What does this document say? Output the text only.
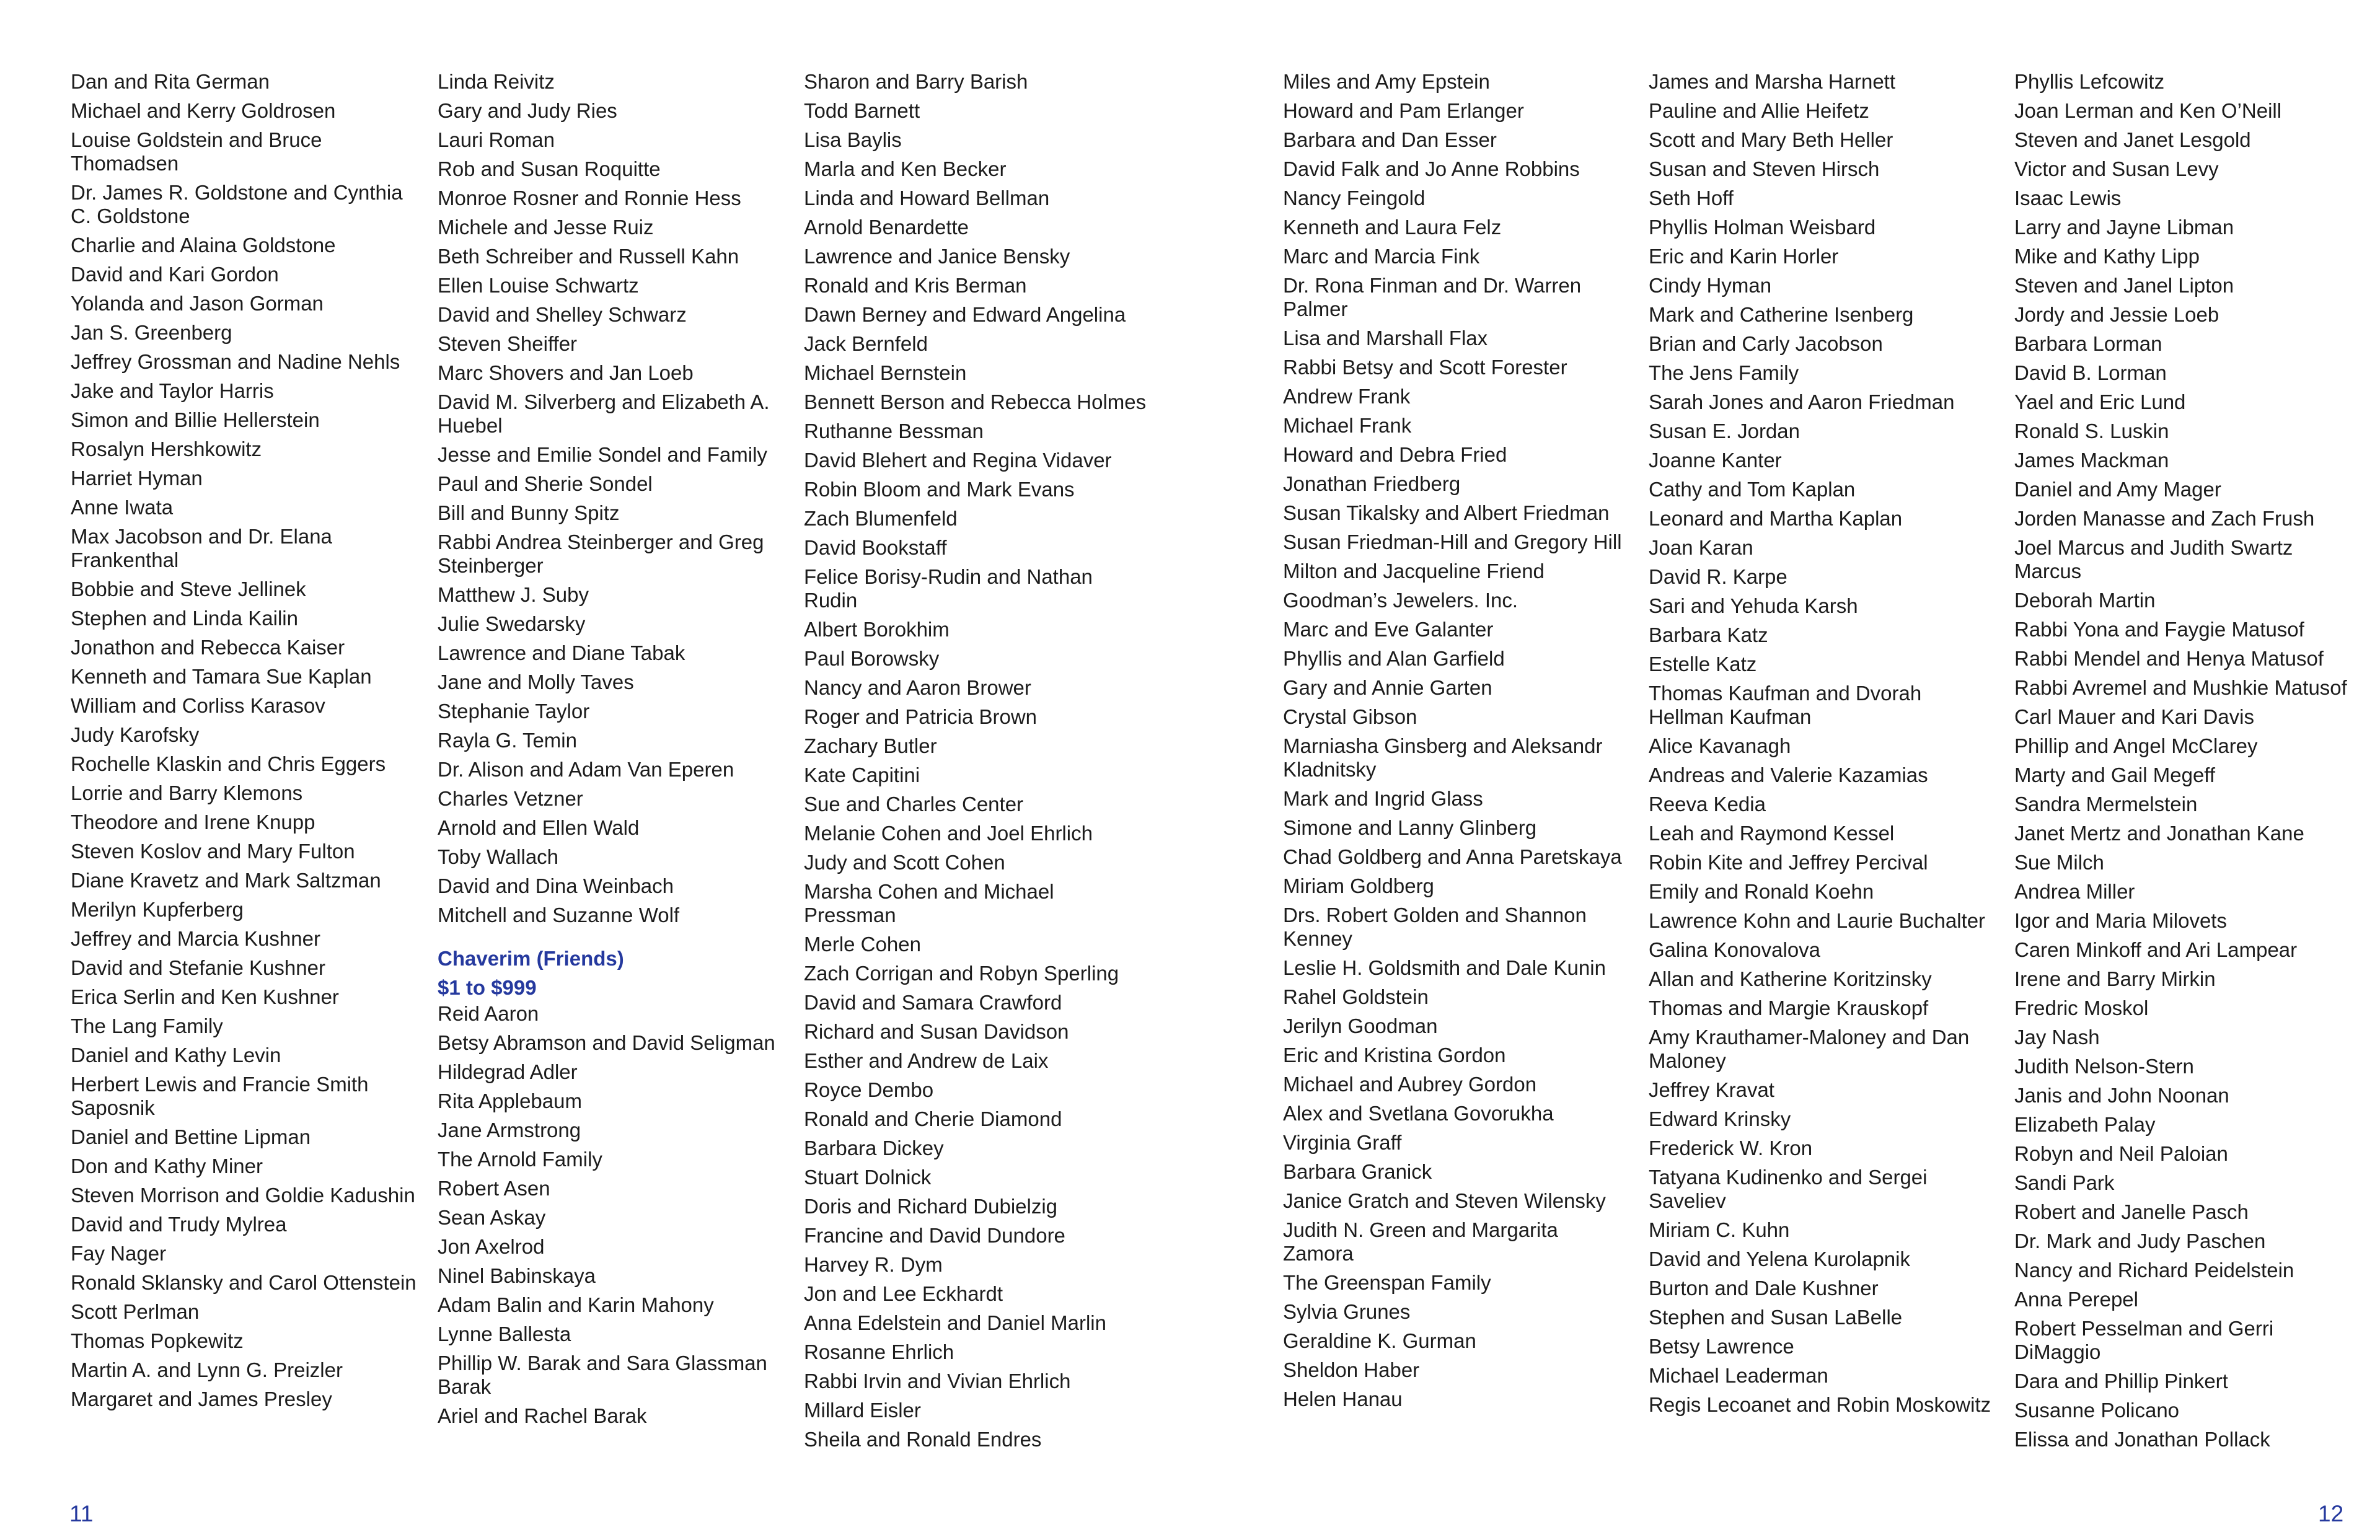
Dan and Rita German
Michael and Kerry Goldrosen
Louise Goldstein and Bruce Thomadsen
Dr. James R. Goldstone and Cynthia C. Goldstone
Charlie and Alaina Goldstone
David and Kari Gordon
Yolanda and Jason Gorman
Jan S. Greenberg
Jeffrey Grossman and Nadine Nehls
Jake and Taylor Harris
Simon and Billie Hellerstein
Rosalyn Hershkowitz
Harriet Hyman
Anne Iwata
Max Jacobson and Dr. Elana Frankenthal
Bobbie and Steve Jellinek
Stephen and Linda Kailin
Jonathon and Rebecca Kaiser
Kenneth and Tamara Sue Kaplan
William and Corliss Karasov
Judy Karofsky
Rochelle Klaskin and Chris Eggers
Lorrie and Barry Klemons
Theodore and Irene Knupp
Steven Koslov and Mary Fulton
Diane Kravetz and Mark Saltzman
Merilyn Kupferberg
Jeffrey and Marcia Kushner
David and Stefanie Kushner
Erica Serlin and Ken Kushner
The Lang Family
Daniel and Kathy Levin
Herbert Lewis and Francie Smith Saposnik
Daniel and Bettine Lipman
Don and Kathy Miner
Steven Morrison and Goldie Kadushin
David and Trudy Mylrea
Fay Nager
Ronald Sklansky and Carol Ottenstein
Scott Perlman
Thomas Popkewitz
Martin A. and Lynn G. Preizler
Margaret and James Presley
Linda Reivitz
Gary and Judy Ries
Lauri Roman
Rob and Susan Roquitte
Monroe Rosner and Ronnie Hess
Michele and Jesse Ruiz
Beth Schreiber and Russell Kahn
Ellen Louise Schwartz
David and Shelley Schwarz
Steven Sheiffer
Marc Shovers and Jan Loeb
David M. Silverberg and Elizabeth A. Huebel
Jesse and Emilie Sondel and Family
Paul and Sherie Sondel
Bill and Bunny Spitz
Rabbi Andrea Steinberger and Greg Steinberger
Matthew J. Suby
Julie Swedarsky
Lawrence and Diane Tabak
Jane and Molly Taves
Stephanie Taylor
Rayla G. Temin
Dr. Alison and Adam Van Eperen
Charles Vetzner
Arnold and Ellen Wald
Toby Wallach
David and Dina Weinbach
Mitchell and Suzanne Wolf
Chaverim (Friends)
$1 to $999
Reid Aaron
Betsy Abramson and David Seligman
Hildegrad Adler
Rita Applebaum
Jane Armstrong
The Arnold Family
Robert Asen
Sean Askay
Jon Axelrod
Ninel Babinskaya
Adam Balin and Karin Mahony
Lynne Ballesta
Phillip W. Barak and Sara Glassman Barak
Ariel and Rachel Barak
Sharon and Barry Barish
Todd Barnett
Lisa Baylis
Marla and Ken Becker
Linda and Howard Bellman
Arnold Benardette
Lawrence and Janice Bensky
Ronald and Kris Berman
Dawn Berney and Edward Angelina
Jack Bernfeld
Michael Bernstein
Bennett Berson and Rebecca Holmes
Ruthanne Bessman
David Blehert and Regina Vidaver
Robin Bloom and Mark Evans
Zach Blumenfeld
David Bookstaff
Felice Borisy-Rudin and Nathan Rudin
Albert Borokhim
Paul Borowsky
Nancy and Aaron Brower
Roger and Patricia Brown
Zachary Butler
Kate Capitini
Sue and Charles Center
Melanie Cohen and Joel Ehrlich
Judy and Scott Cohen
Marsha Cohen and Michael Pressman
Merle Cohen
Zach Corrigan and Robyn Sperling
David and Samara Crawford
Richard and Susan Davidson
Esther and Andrew de Laix
Royce Dembo
Ronald and Cherie Diamond
Barbara Dickey
Stuart Dolnick
Doris and Richard Dubielzig
Francine and David Dundore
Harvey R. Dym
Jon and Lee Eckhardt
Anna Edelstein and Daniel Marlin
Rosanne Ehrlich
Rabbi Irvin and Vivian Ehrlich
Millard Eisler
Sheila and Ronald Endres
11
Miles and Amy Epstein
Howard and Pam Erlanger
Barbara and Dan Esser
David Falk and Jo Anne Robbins
Nancy Feingold
Kenneth and Laura Felz
Marc and Marcia Fink
Dr. Rona Finman and Dr. Warren Palmer
Lisa and Marshall Flax
Rabbi Betsy and Scott Forester
Andrew Frank
Michael Frank
Howard and Debra Fried
Jonathan Friedberg
Susan Tikalsky and Albert Friedman
Susan Friedman-Hill and Gregory Hill
Milton and Jacqueline Friend
Goodman’s Jewelers. Inc.
Marc and Eve Galanter
Phyllis and Alan Garfield
Gary and Annie Garten
Crystal Gibson
Marniasha Ginsberg and Aleksandr Kladnitsky
Mark and Ingrid Glass
Simone and Lanny Glinberg
Chad Goldberg and Anna Paretskaya
Miriam Goldberg
Drs. Robert Golden and Shannon Kenney
Leslie H. Goldsmith and Dale Kunin
Rahel Goldstein
Jerilyn Goodman
Eric and Kristina Gordon
Michael and Aubrey Gordon
Alex and Svetlana Govorukha
Virginia Graff
Barbara Granick
Janice Gratch and Steven Wilensky
Judith N. Green and Margarita Zamora
The Greenspan Family
Sylvia Grunes
Geraldine K. Gurman
Sheldon Haber
Helen Hanau
James and Marsha Harnett
Pauline and Allie Heifetz
Scott and Mary Beth Heller
Susan and Steven Hirsch
Seth Hoff
Phyllis Holman Weisbard
Eric and Karin Horler
Cindy Hyman
Mark and Catherine Isenberg
Brian and Carly Jacobson
The Jens Family
Sarah Jones and Aaron Friedman
Susan E. Jordan
Joanne Kanter
Cathy and Tom Kaplan
Leonard and Martha Kaplan
Joan Karan
David R. Karpe
Sari and Yehuda Karsh
Barbara Katz
Estelle Katz
Thomas Kaufman and Dvorah Hellman Kaufman
Alice Kavanagh
Andreas and Valerie Kazamias
Reeva Kedia
Leah and Raymond Kessel
Robin Kite and Jeffrey Percival
Emily and Ronald Koehn
Lawrence Kohn and Laurie Buchalter
Galina Konovalova
Allan and Katherine Koritzinsky
Thomas and Margie Krauskopf
Amy Krauthamer-Maloney and Dan Maloney
Jeffrey Kravat
Edward Krinsky
Frederick W. Kron
Tatyana Kudinenko and Sergei Saveliev
Miriam C. Kuhn
David and Yelena Kurolapnik
Burton and Dale Kushner
Stephen and Susan LaBelle
Betsy Lawrence
Michael Leaderman
Regis Lecoanet and Robin Moskowitz
Phyllis Lefcowitz
Joan Lerman and Ken O’Neill
Steven and Janet Lesgold
Victor and Susan Levy
Isaac Lewis
Larry and Jayne Libman
Mike and Kathy Lipp
Steven and Janel Lipton
Jordy and Jessie Loeb
Barbara Lorman
David B. Lorman
Yael and Eric Lund
Ronald S. Luskin
James Mackman
Daniel and Amy Mager
Jorden Manasse and Zach Frush
Joel Marcus and Judith Swartz Marcus
Deborah Martin
Rabbi Yona and Faygie Matusof
Rabbi Mendel and Henya Matusof
Rabbi Avremel and Mushkie Matusof
Carl Mauer and Kari Davis
Phillip and Angel McClarey
Marty and Gail Megeff
Sandra Mermelstein
Janet Mertz and Jonathan Kane
Sue Milch
Andrea Miller
Igor and Maria Milovets
Caren Minkoff and Ari Lampear
Irene and Barry Mirkin
Fredric Moskol
Jay Nash
Judith Nelson-Stern
Janis and John Noonan
Elizabeth Palay
Robyn and Neil Paloian
Sandi Park
Robert and Janelle Pasch
Dr. Mark and Judy Paschen
Nancy and Richard Peidelstein
Anna Perepel
Robert Pesselman and Gerri DiMaggio
Dara and Phillip Pinkert
Susanne Policano
Elissa and Jonathan Pollack
12
